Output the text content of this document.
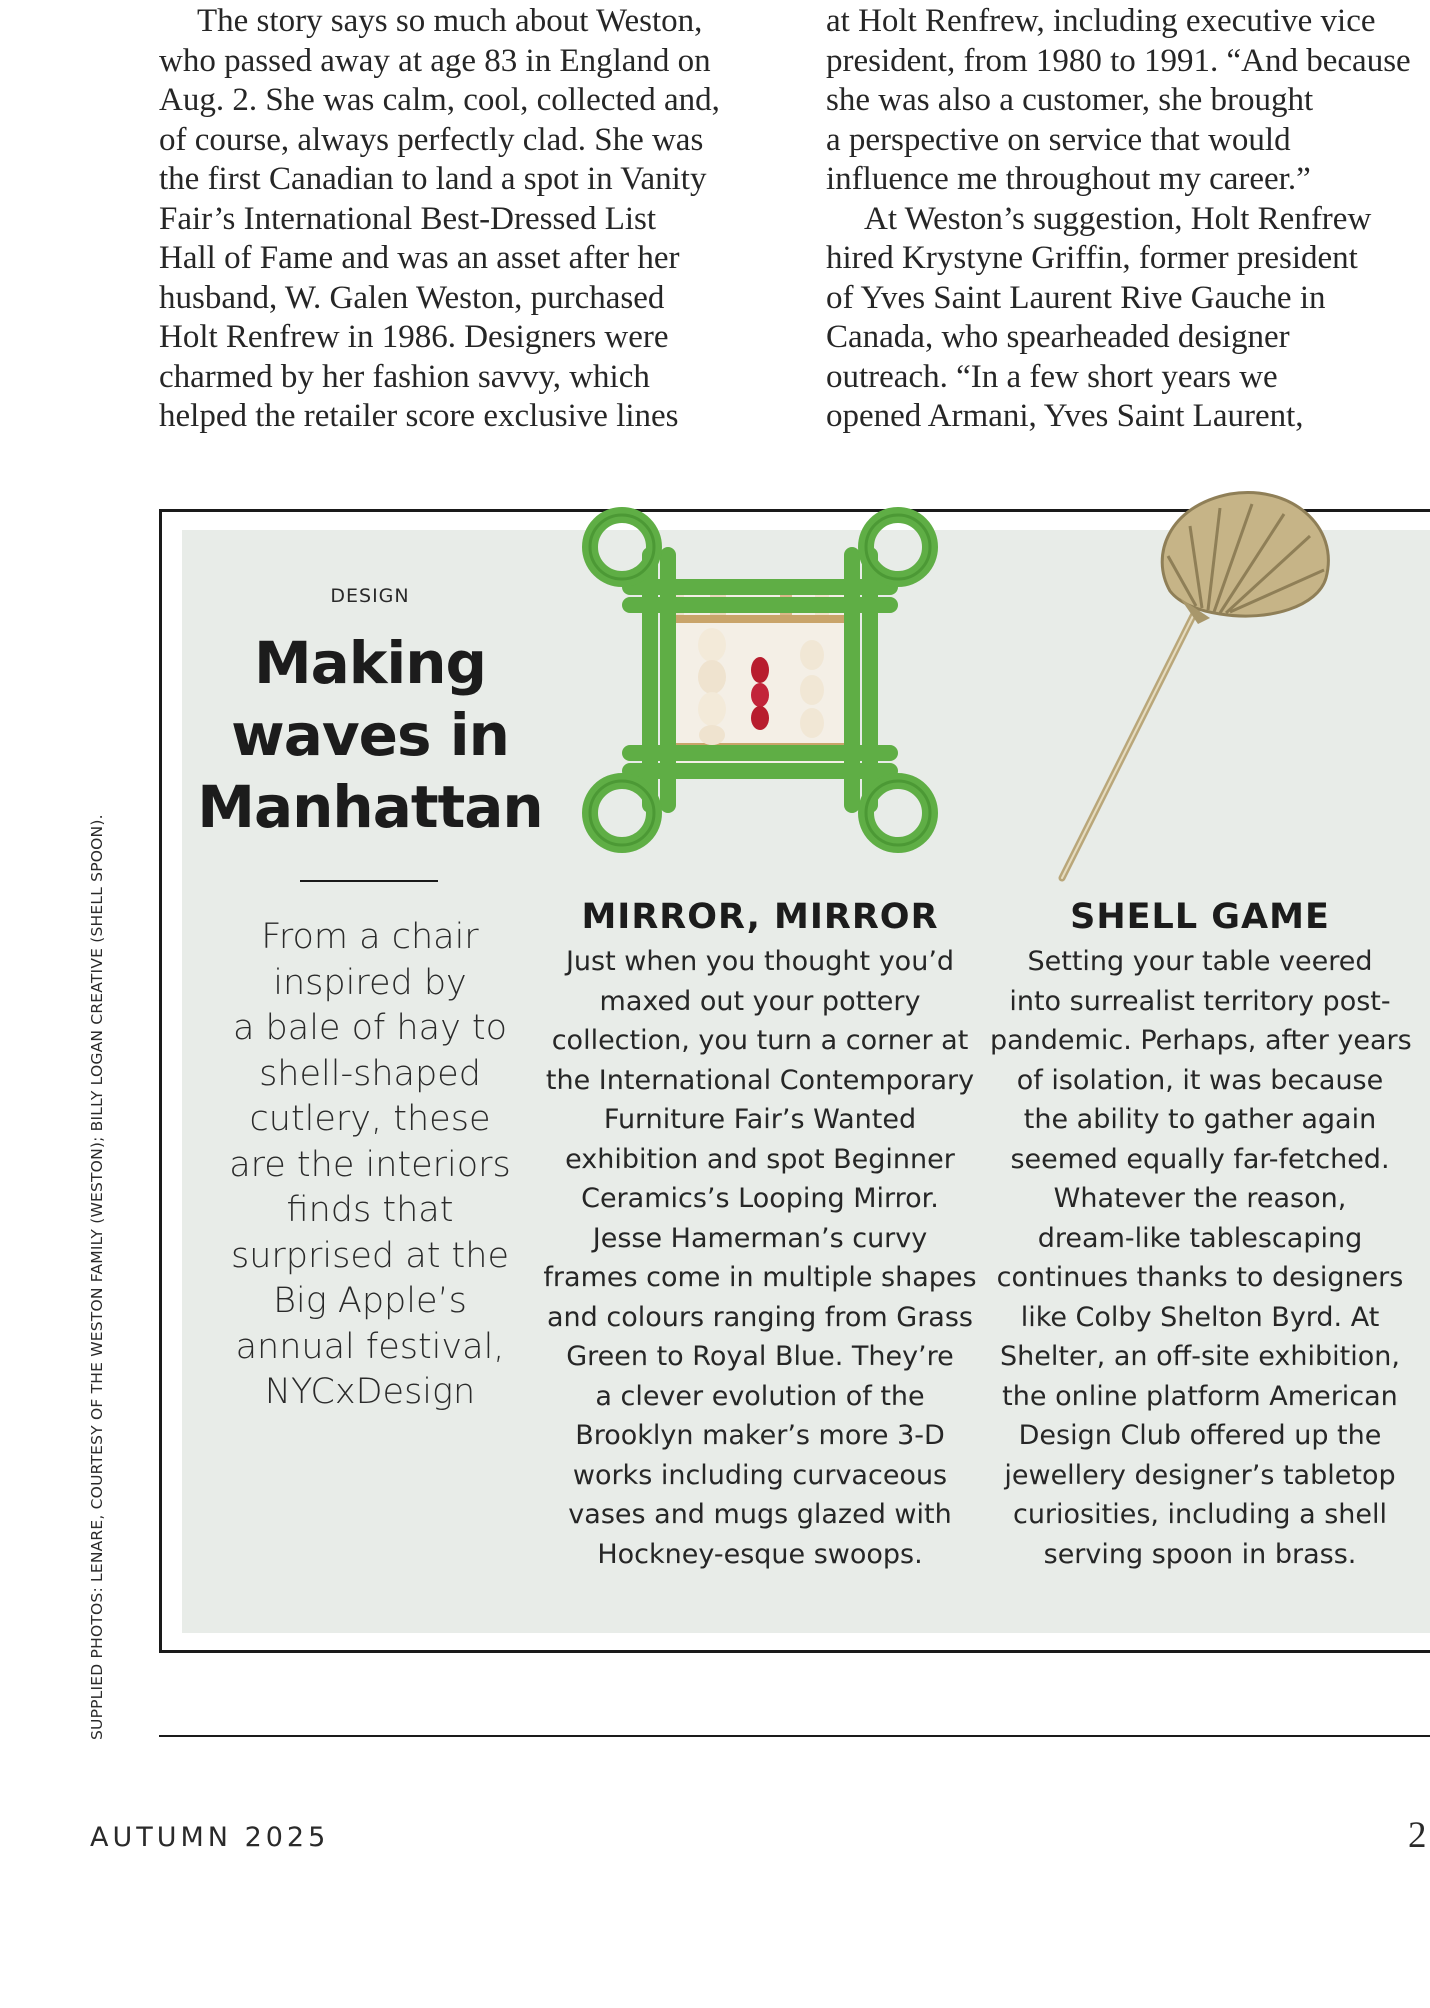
The story says so much about Weston,
who passed away at age 83 in England on
Aug. 2. She was calm, cool, collected and,
of course, always perfectly clad. She was
the first Canadian to land a spot in Vanity
Fair’s International Best-Dressed List
Hall of Fame and was an asset after her
husband, W. Galen Weston, purchased
Holt Renfrew in 1986. Designers were
charmed by her fashion savvy, which
helped the retailer score exclusive lines
at Holt Renfrew, including executive vice
president, from 1980 to 1991. “And because
she was also a customer, she brought
a perspective on service that would
influence me throughout my career.”
At Weston’s suggestion, Holt Renfrew
hired Krystyne Griffin, former president
of Yves Saint Laurent Rive Gauche in
Canada, who spearheaded designer
outreach. “In a few short years we
opened Armani, Yves Saint Laurent,
DESIGN
Making
waves in
Manhattan
From a chair
inspired by
a bale of hay to
shell-shaped
cutlery, these
are the interiors
finds that
surprised at the
Big Apple’s
annual festival,
NYCxDesign
MIRROR, MIRROR
Just when you thought you’d
maxed out your pottery
collection, you turn a corner at
the International Contemporary
Furniture Fair’s Wanted
exhibition and spot Beginner
Ceramics’s Looping Mirror.
Jesse Hamerman’s curvy
frames come in multiple shapes
and colours ranging from Grass
Green to Royal Blue. They’re
a clever evolution of the
Brooklyn maker’s more 3-D
works including curvaceous
vases and mugs glazed with
Hockney-esque swoops.
SHELL GAME
Setting your table veered
into surrealist territory post-
pandemic. Perhaps, after years
of isolation, it was because
the ability to gather again
seemed equally far-fetched.
Whatever the reason,
dream-like tablescaping
continues thanks to designers
like Colby Shelton Byrd. At
Shelter, an off-site exhibition,
the online platform American
Design Club offered up the
jewellery designer’s tabletop
curiosities, including a shell
serving spoon in brass.
SUPPLIED PHOTOS: LENARE, COURTESY OF THE WESTON FAMILY (WESTON); BILLY LOGAN CREATIVE (SHELL SPOON).
AUTUMN 2025	2
